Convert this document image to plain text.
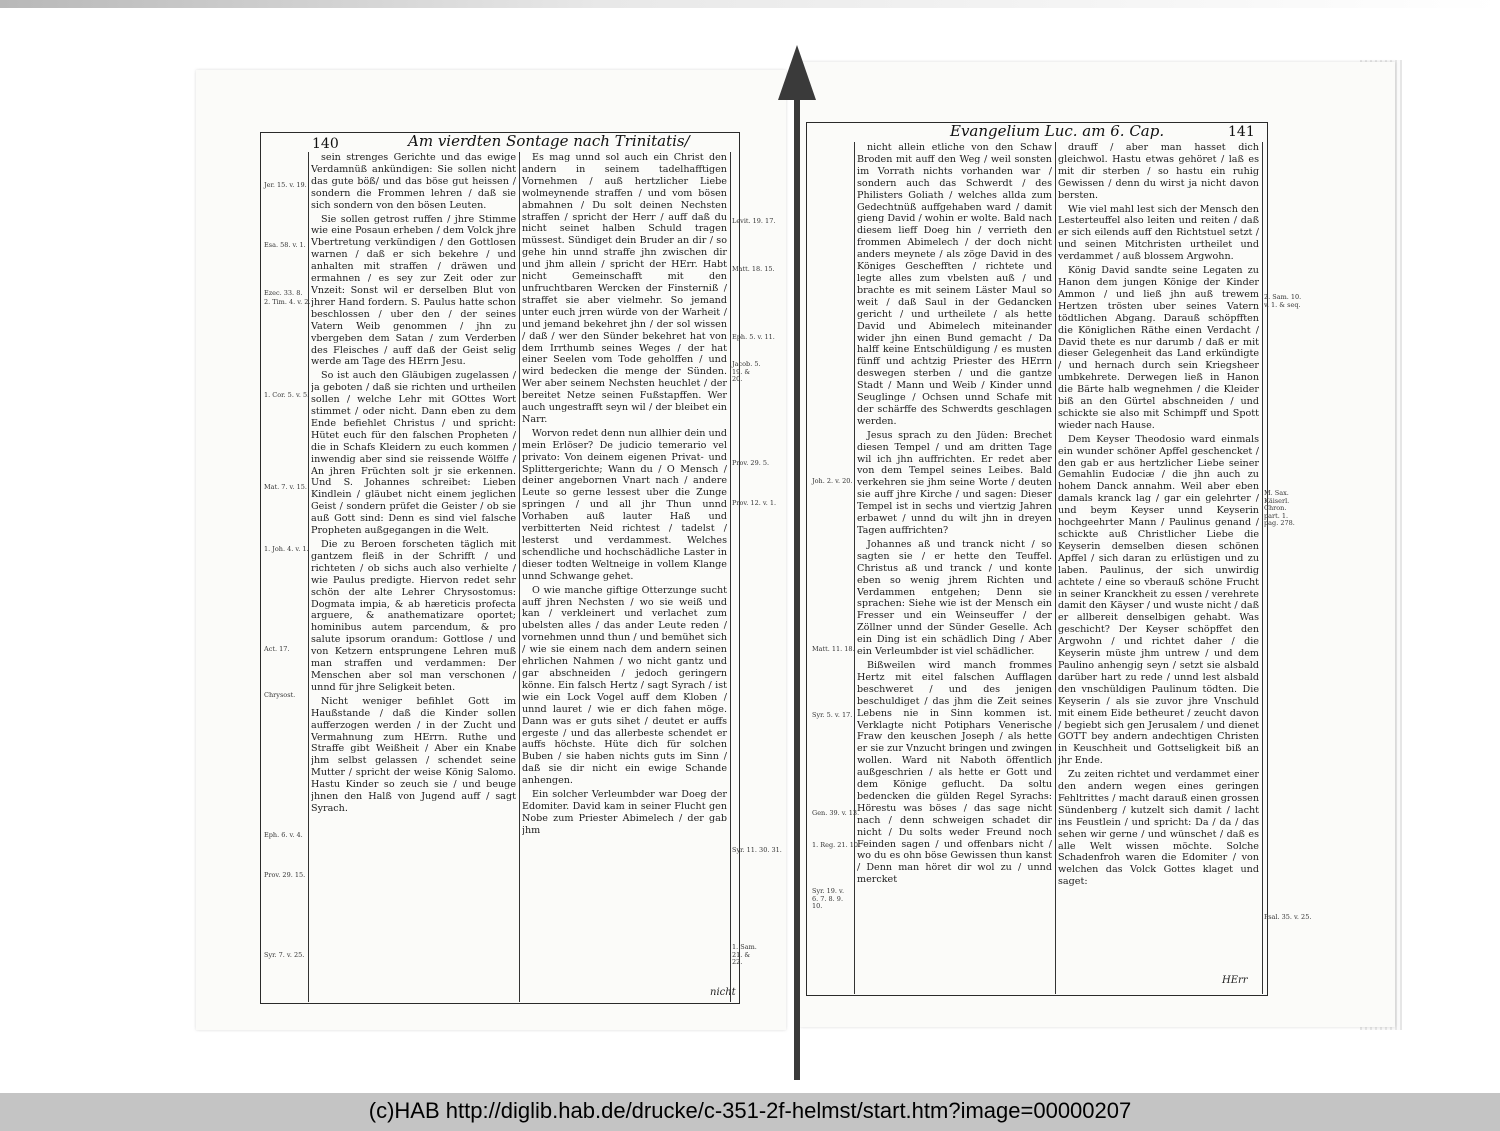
140	Am vierdten Sontage nach Trinitatis/

sein strenges Gerichte und das ewige Verdamnüß ankündigen: Sie sollen nicht das gute böß/ und das böse gut heissen / sondern die Frommen lehren / daß sie sich sondern von den bösen Leuten.

Sie sollen getrost ruffen / jhre Stimme wie eine Posaun erheben / dem Volck jhre Vbertretung verkündigen / den Gottlosen warnen / daß er sich bekehre / und anhalten mit straffen / dräwen und ermahnen / es sey zur Zeit oder zur Vnzeit: Sonst wil er derselben Blut von jhrer Hand fordern. S. Paulus hatte schon beschlossen / uber den / der seines Vatern Weib genommen / jhn zu vbergeben dem Satan / zum Verderben des Fleisches / auff daß der Geist selig werde am Tage des HErrn Jesu.

So ist auch den Gläubigen zugelassen / ja geboten / daß sie richten und urtheilen sollen / welche Lehr mit GOttes Wort stimmet / oder nicht. Dann eben zu dem Ende befiehlet Christus / und spricht: Hütet euch für den falschen Propheten / die in Schafs Kleidern zu euch kommen / inwendig aber sind sie reissende Wölffe / An jhren Früchten solt jr sie erkennen. Und S. Johannes schreibet: Lieben Kindlein / gläubet nicht einem jeglichen Geist / sondern prüfet die Geister / ob sie auß Gott sind: Denn es sind viel falsche Propheten außgegangen in die Welt.

Die zu Beroen forscheten täglich mit gantzem fleiß in der Schrifft / und richteten / ob sichs auch also verhielte / wie Paulus predigte. Hiervon redet sehr schön der alte Lehrer Chrysostomus: Dogmata impia, & ab hæreticis profecta arguere, & anathematizare oportet; hominibus autem parcendum, & pro salute ipsorum orandum: Gottlose / und von Ketzern entsprungene Lehren muß man straffen und verdammen: Der Menschen aber sol man verschonen / unnd für jhre Seligkeit beten.

Nicht weniger befihlet Gott im Haußstande / daß die Kinder sollen aufferzogen werden / in der Zucht und Vermahnung zum HErrn. Ruthe und Straffe gibt Weißheit / Aber ein Knabe jhm selbst gelassen / schendet seine Mutter / spricht der weise König Salomo. Hastu Kinder so zeuch sie / und beuge jhnen den Halß von Jugend auff / sagt Syrach.

Es mag unnd sol auch ein Christ den andern in seinem tadelhafftigen Vornehmen / auß hertzlicher Liebe wolmeynende straffen / und vom bösen abmahnen / Du solt deinen Nechsten straffen / spricht der Herr / auff daß du nicht seinet halben Schuld tragen müssest. Sündiget dein Bruder an dir / so gehe hin unnd straffe jhn zwischen dir und jhm allein / spricht der HErr. Habt nicht Gemeinschafft mit den unfruchtbaren Wercken der Finsterniß / straffet sie aber vielmehr. So jemand unter euch jrren würde von der Warheit / und jemand bekehret jhn / der sol wissen / daß / wer den Sünder bekehret hat von dem Irrthumb seines Weges / der hat einer Seelen vom Tode geholffen / und wird bedecken die menge der Sünden. Wer aber seinem Nechsten heuchlet / der bereitet Netze seinen Fußstapffen. Wer auch ungestrafft seyn wil / der bleibet ein Narr.

Worvon redet denn nun allhier dein und mein Erlöser? De judicio temerario vel privato: Von deinem eigenen Privat- und Splittergerichte; Wann du / O Mensch / deiner angebornen Vnart nach / andere Leute so gerne lessest uber die Zunge springen / und all jhr Thun unnd Vorhaben auß lauter Haß und verbitterten Neid richtest / tadelst / lesterst und verdammest. Welches schendliche und hochschädliche Laster in dieser todten Weltneige in vollem Klange unnd Schwange gehet.

O wie manche giftige Otterzunge sucht auff jhren Nechsten / wo sie weiß und kan / verkleinert und verlachet zum ubelsten alles / das ander Leute reden / vornehmen unnd thun / und bemühet sich / wie sie einem nach dem andern seinen ehrlichen Nahmen / wo nicht gantz und gar abschneiden / jedoch geringern könne. Ein falsch Hertz / sagt Syrach / ist wie ein Lock Vogel auff dem Kloben / unnd lauret / wie er dich fahen möge. Dann was er guts sihet / deutet er auffs ergeste / und das allerbeste schendet er auffs höchste. Hüte dich für solchen Buben / sie haben nichts guts im Sinn / daß sie dir nicht ein ewige Schande anhengen.

Ein solcher Verleumbder war Doeg der Edomiter. David kam in seiner Flucht gen Nobe zum Priester Abimelech / der gab jhm

Jer. 15. v. 19.
Esa. 58. v. 1.
Ezec. 33. 8.
2. Tim. 4. v. 2.
1. Cor. 5. v. 5.
Mat. 7. v. 15.
1. Joh. 4. v. 1.
Act. 17.
Chrysost.
Eph. 6. v. 4.
Prov. 29. 15.
Syr. 7. v. 25.
Levit. 19. 17.
Matt. 18. 15.
Eph. 5. v. 11.
Jacob. 5. 19. & 20.
Prov. 29. 5.
Prov. 12. v. 1.
Syr. 11. 30. 31.
1. Sam. 21. & 22.
nicht
Evangelium Luc. am 6. Cap.	141

nicht allein etliche von den Schaw Broden mit auff den Weg / weil sonsten im Vorrath nichts vorhanden war / sondern auch das Schwerdt / des Philisters Goliath / welches allda zum Gedechtnüß auffgehaben ward / damit gieng David / wohin er wolte. Bald nach diesem lieff Doeg hin / verrieth den frommen Abimelech / der doch nicht anders meynete / als zöge David in des Königes Geschefften / richtete und legte alles zum vbelsten auß / und brachte es mit seinem Läster Maul so weit / daß Saul in der Gedancken gericht / und urtheilete / als hette David und Abimelech miteinander wider jhn einen Bund gemacht / Da halff keine Entschüldigung / es musten fünff und achtzig Priester des HErrn deswegen sterben / und die gantze Stadt / Mann und Weib / Kinder unnd Seuglinge / Ochsen unnd Schafe mit der schärffe des Schwerdts geschlagen werden.

Jesus sprach zu den Jüden: Brechet diesen Tempel / und am dritten Tage wil ich jhn auffrichten. Er redet aber von dem Tempel seines Leibes. Bald verkehren sie jhm seine Worte / deuten sie auff jhre Kirche / und sagen: Dieser Tempel ist in sechs und viertzig Jahren erbawet / unnd du wilt jhn in dreyen Tagen auffrichten?

Johannes aß und tranck nicht / so sagten sie / er hette den Teuffel. Christus aß und tranck / und konte eben so wenig jhrem Richten und Verdammen entgehen; Denn sie sprachen: Siehe wie ist der Mensch ein Fresser und ein Weinseuffer / der Zöllner unnd der Sünder Geselle. Ach ein Ding ist ein schädlich Ding / Aber ein Verleumbder ist viel schädlicher.

Bißweilen wird manch frommes Hertz mit eitel falschen Aufflagen beschweret / und des jenigen beschuldiget / das jhm die Zeit seines Lebens nie in Sinn kommen ist. Verklagte nicht Potiphars Venerische Fraw den keuschen Joseph / als hette er sie zur Vnzucht bringen und zwingen wollen. Ward nit Naboth öffentlich außgeschrien / als hette er Gott und dem Könige geflucht. Da soltu bedencken die gülden Regel Syrachs: Hörestu was böses / das sage nicht nach / denn schweigen schadet dir nicht / Du solts weder Freund noch Feinden sagen / und offenbars nicht / wo du es ohn böse Gewissen thun kanst / Denn man höret dir wol zu / unnd mercket

drauff / aber man hasset dich gleichwol. Hastu etwas gehöret / laß es mit dir sterben / so hastu ein ruhig Gewissen / denn du wirst ja nicht davon bersten.

Wie viel mahl lest sich der Mensch den Lesterteuffel also leiten und reiten / daß er sich eilends auff den Richtstuel setzt / und seinen Mitchristen urtheilet und verdammet / auß blossem Argwohn.

König David sandte seine Legaten zu Hanon dem jungen Könige der Kinder Ammon / und ließ jhn auß trewem Hertzen trösten uber seines Vatern tödtlichen Abgang. Darauß schöpfften die Königlichen Räthe einen Verdacht / David thete es nur darumb / daß er mit dieser Gelegenheit das Land erkündigte / und hernach durch sein Kriegsheer umbkehrete. Derwegen ließ in Hanon die Bärte halb wegnehmen / die Kleider biß an den Gürtel abschneiden / und schickte sie also mit Schimpff und Spott wieder nach Hause.

Dem Keyser Theodosio ward einmals ein wunder schöner Apffel geschencket / den gab er aus hertzlicher Liebe seiner Gemahlin Eudociæ / die jhn auch zu hohem Danck annahm. Weil aber eben damals kranck lag / gar ein gelehrter / und beym Keyser unnd Keyserin hochgeehrter Mann / Paulinus genand / schickte auß Christlicher Liebe die Keyserin demselben diesen schönen Apffel / sich daran zu erlüstigen und zu laben. Paulinus, der sich unwirdig achtete / eine so vberauß schöne Frucht in seiner Kranckheit zu essen / verehrete damit den Käyser / und wuste nicht / daß er allbereit denselbigen gehabt. Was geschicht? Der Keyser schöpffet den Argwohn / und richtet daher / die Keyserin müste jhm untrew / und dem Paulino anhengig seyn / setzt sie alsbald darüber hart zu rede / unnd lest alsbald den vnschüldigen Paulinum tödten. Die Keyserin / als sie zuvor jhre Vnschuld mit einem Eide betheuret / zeucht davon / begiebt sich gen Jerusalem / und dienet GOTT bey andern andechtigen Christen in Keuschheit und Gottseligkeit biß an jhr Ende.

Zu zeiten richtet und verdammet einer den andern wegen eines geringen Fehltrittes / macht darauß einen grossen Sündenberg / kutzelt sich damit / lacht ins Feustlein / und spricht: Da / da / das sehen wir gerne / und wünschet / daß es alle Welt wissen möchte. Solche Schadenfroh waren die Edomiter / von welchen das Volck Gottes klaget und saget:

Joh. 2. v. 20.
Matt. 11. 18.
Syr. 5. v. 17.
Gen. 39. v. 13.
1. Reg. 21. 10.
Syr. 19. v. 6. 7. 8. 9. 10.
2. Sam. 10. v. 1. & seq.
M. Sax. Käiserl. Chron. part. 1. pag. 278.
Psal. 35. v. 25.
HErr
(c)HAB http://diglib.hab.de/drucke/c-351-2f-helmst/start.htm?image=00000207
